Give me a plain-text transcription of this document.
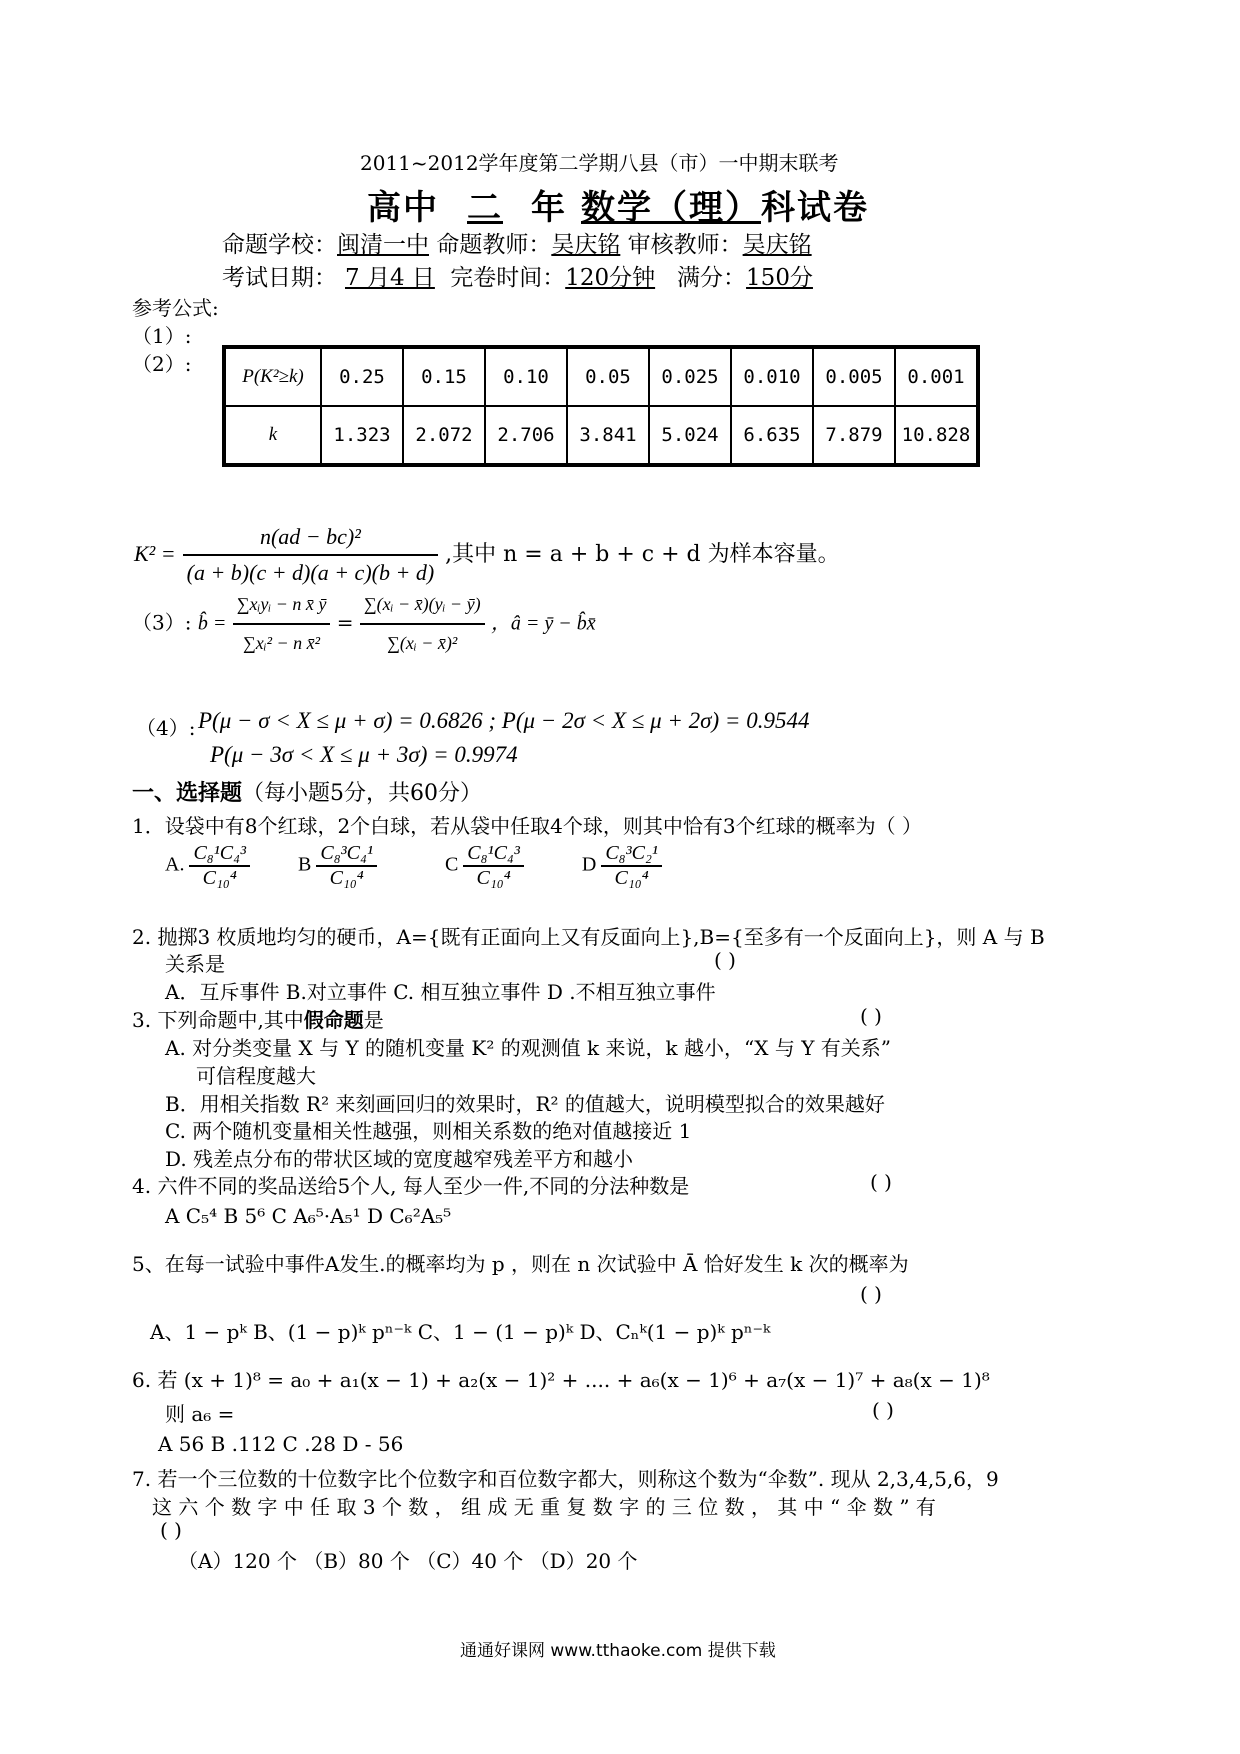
2011~2012学年度第二学期八县（市）一中期末联考
高中 二 年 数学（理）科试卷
命题学校：闽清一中 命题教师：吴庆铭 审核教师：吴庆铭
考试日期： 7 月4 日 完卷时间：120分钟 满分：150分
参考公式:
（1）:
（2）:
P(K²≥k)	0.25	0.15	0.10	0.05	0.025	0.010	0.005	0.001
k	1.323	2.072	2.706	3.841	5.024	6.635	7.879	10.828
$K^2 = \frac{\text{n(ad − bc)²}}{(a + b)(c + d)(a + c)(b + d)}$ ,其中 n = a + b + c + d 为样本容量。
（3）: b̂ = $\frac{\text{∑xᵢyᵢ − n x̄ ȳ}}{\text{∑xᵢ² − n x̄²}} = \frac{\text{∑(xᵢ − x̄)(yᵢ − ȳ)}}{\text{∑(xᵢ − x̄)²}}$ ，â = ȳ − b̂x̄
（4）: P(μ − σ < X ≤ μ + σ) = 0.6826 ; P(μ − 2σ < X ≤ μ + 2σ) = 0.9544
P(μ − 3σ < X ≤ μ + 3σ) = 0.9974
一、选择题（每小题5分，共60分）
1．设袋中有8个红球，2个白球，若从袋中任取4个球，则其中恰有3个红球的概率为（ ）
A. $\frac{\text{C₈¹C₄³}}{\text{C₁₀⁴}}$ B $\frac{\text{C₈³C₄¹}}{\text{C₁₀⁴}}$	C $\frac{\text{C₈¹C₄³}}{\text{C₁₀⁴}}$	D $\frac{\text{C₈³C₂¹}}{\text{C₁₀⁴}}$
2. 抛掷3 枚质地均匀的硬币，A={既有正面向上又有反面向上},B={至多有一个反面向上}，则 A 与 B
关系是	( )
A．互斥事件 B.对立事件 C. 相互独立事件 D .不相互独立事件
3. 下列命题中,其中假命题是	( )
A. 对分类变量 X 与 Y 的随机变量 K² 的观测值 k 来说，k 越小，“X 与 Y 有关系”
可信程度越大
B．用相关指数 R² 来刻画回归的效果时，R² 的值越大，说明模型拟合的效果越好
C. 两个随机变量相关性越强，则相关系数的绝对值越接近 1
D. 残差点分布的带状区域的宽度越窄残差平方和越小
4. 六件不同的奖品送给5个人, 每人至少一件,不同的分法种数是	( )
A C₅⁴ B 5⁶ C A₆⁵·A₅¹ D C₆²A₅⁵
5、在每一试验中事件A发生.的概率均为 p ，则在 n 次试验中 Ā 恰好发生 k 次的概率为
( )
A、1 − pᵏ B、(1 − p)ᵏ pⁿ⁻ᵏ C、1 − (1 − p)ᵏ D、Cₙᵏ(1 − p)ᵏ pⁿ⁻ᵏ
6. 若 (x + 1)⁸ = a₀ + a₁(x − 1) + a₂(x − 1)² + .... + a₆(x − 1)⁶ + a₇(x − 1)⁷ + a₈(x − 1)⁸
则 a₆ =	( )
A 56 B .112 C .28 D - 56
7. 若一个三位数的十位数字比个位数字和百位数字都大，则称这个数为“伞数”. 现从 2,3,4,5,6，9
这 六 个 数 字 中 任 取 3 个 数 ， 组 成 无 重 复 数 字 的 三 位 数 ， 其 中 “ 伞 数 ” 有
( )
（A）120 个 （B）80 个 （C）40 个 （D）20 个
通通好课网 www.tthaoke.com 提供下载
